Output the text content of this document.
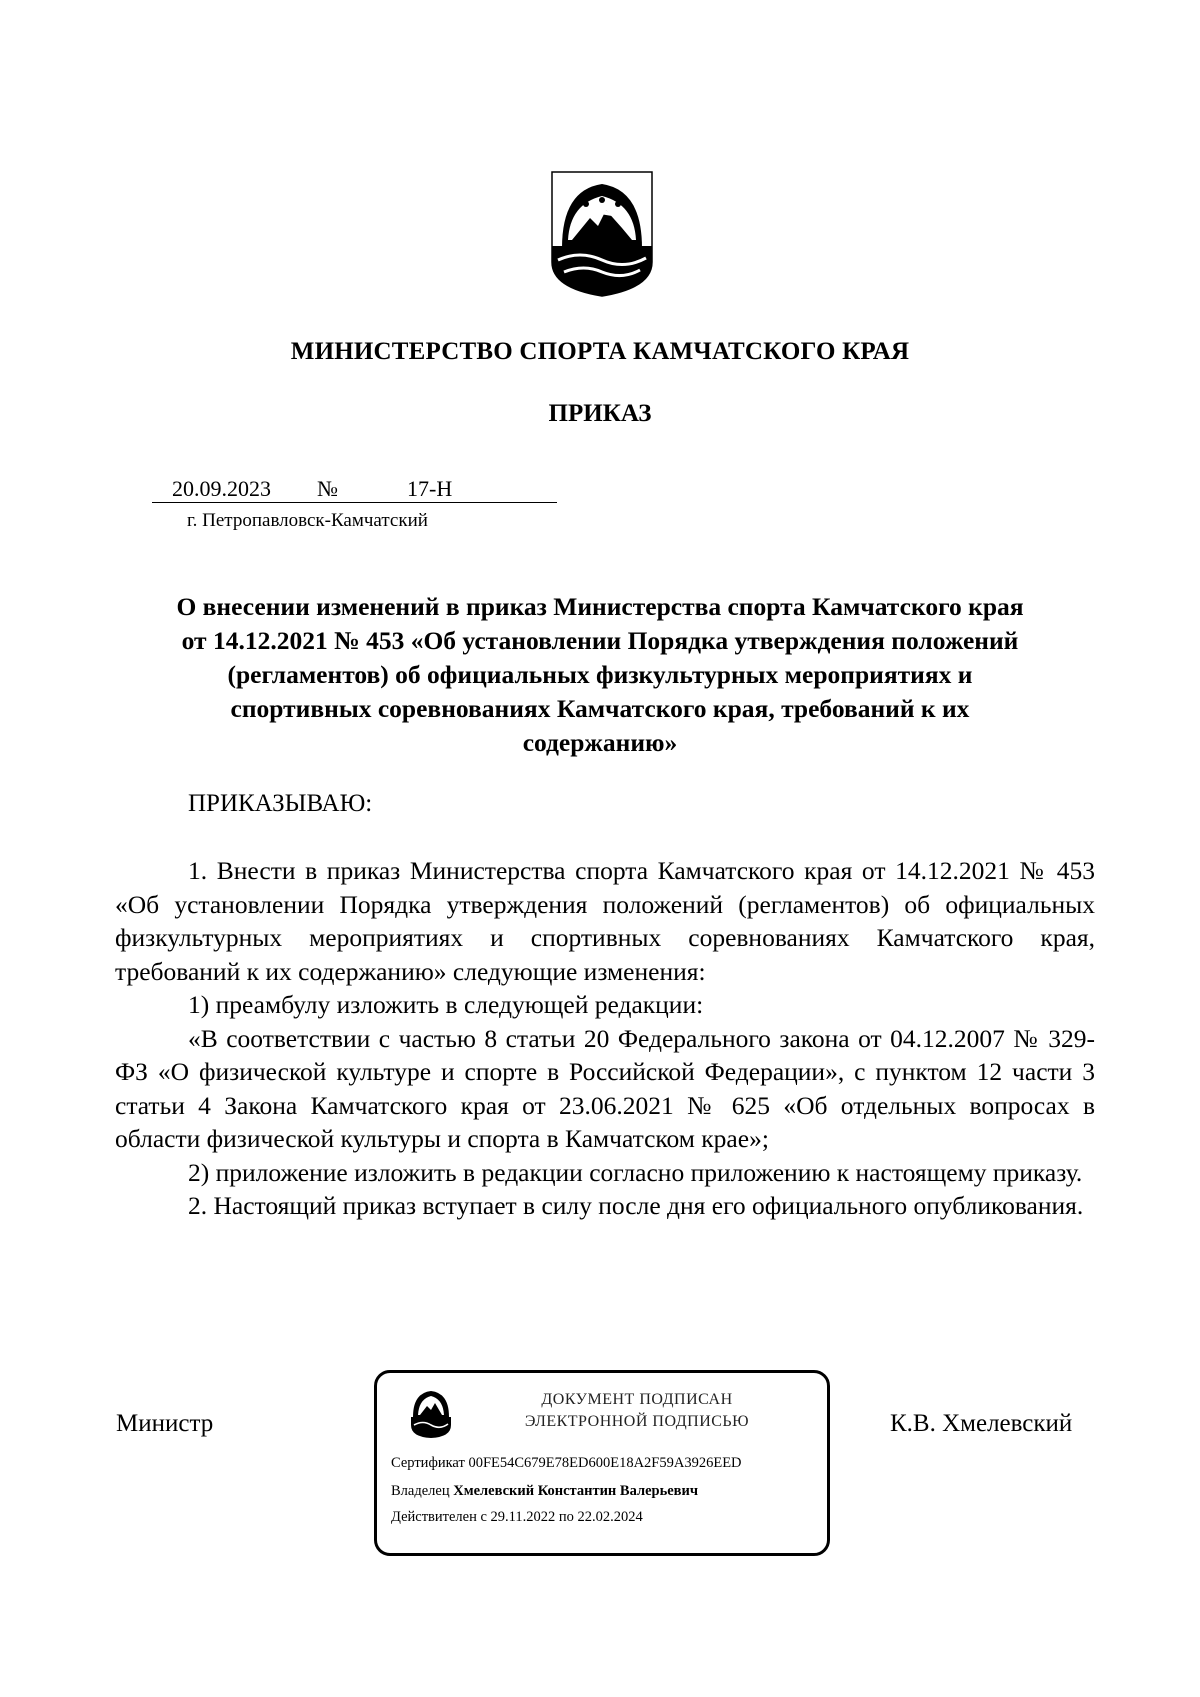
МИНИСТЕРСТВО СПОРТА КАМЧАТСКОГО КРАЯ
ПРИКАЗ
20.09.2023 №	17-Н
г. Петропавловск-Камчатский
О внесении изменений в приказ Министерства спорта Камчатского края
от 14.12.2021 № 453 «Об установлении Порядка утверждения положений
(регламентов) об официальных физкультурных мероприятиях и
спортивных соревнованиях Камчатского края, требований к их
содержанию»
ПРИКАЗЫВАЮ:

1. Внести в приказ Министерства спорта Камчатского края от 14.12.2021 № 453 «Об установлении Порядка утверждения положений (регламентов) об официальных физкультурных мероприятиях и спортивных соревнованиях Камчатского края, требований к их содержанию» следующие изменения:

1) преамбулу изложить в следующей редакции:

«В соответствии с частью 8 статьи 20 Федерального закона от 04.12.2007 № 329-ФЗ «О физической культуре и спорте в Российской Федерации», с пунктом 12 части 3 статьи 4 Закона Камчатского края от 23.06.2021 № 625 «Об отдельных вопросах в области физической культуры и спорта в Камчатском крае»;

2) приложение изложить в редакции согласно приложению к настоящему приказу.

2. Настоящий приказ вступает в силу после дня его официального опубликования.

Министр	К.В. Хмелевский
ДОКУМЕНТ ПОДПИСАН
ЭЛЕКТРОННОЙ ПОДПИСЬЮ
Сертификат 00FE54C679E78ED600E18A2F59A3926EED
Владелец Хмелевский Константин Валерьевич
Действителен с 29.11.2022 по 22.02.2024
